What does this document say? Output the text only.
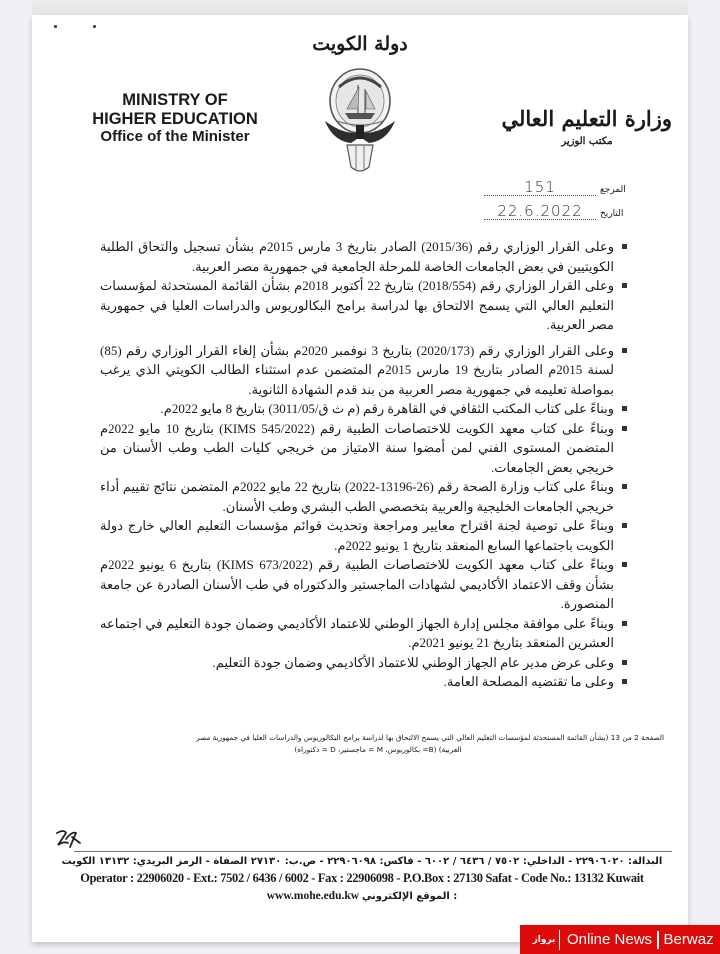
دولة الكويت
MINISTRY OF
HIGHER EDUCATION
Office of the Minister
وزارة التعليم العالي
مكتب الوزير
المرجع
151
التاريخ
22.6.2022
وعلى القرار الوزاري رقم (2015/36) الصادر بتاريخ 3 مارس 2015م بشأن تسجيل والتحاق الطلبة الكويتيين في بعض الجامعات الخاصة للمرحلة الجامعية في جمهورية مصر العربية.
وعلى القرار الوزاري رقم (2018/554) بتاريخ 22 أكتوبر 2018م بشأن القائمة المستحدثة لمؤسسات التعليم العالي التي يسمح الالتحاق بها لدراسة برامج البكالوريوس والدراسات العليا في جمهورية مصر العربية.
وعلى القرار الوزاري رقم (2020/173) بتاريخ 3 نوفمبر 2020م بشأن إلغاء القرار الوزاري رقم (85) لسنة 2015م الصادر بتاريخ 19 مارس 2015م المتضمن عدم استثناء الطالب الكويتي الذي يرغب بمواصلة تعليمه في جمهورية مصر العربية من بند قدم الشهادة الثانوية.
وبناءً على كتاب المكتب الثقافي في القاهرة رقم (م ث ق/3011/05) بتاريخ 8 مايو 2022م.
وبناءً على كتاب معهد الكويت للاختصاصات الطبية رقم (KIMS 545/2022) بتاريخ 10 مايو 2022م المتضمن المستوى الفني لمن أمضوا سنة الامتياز من خريجي كليات الطب وطب الأسنان من خريجي بعض الجامعات.
وبناءً على كتاب وزارة الصحة رقم (26-13196-2022) بتاريخ 22 مايو 2022م المتضمن نتائج تقييم أداء خريجي الجامعات الخليجية والعربية بتخصصي الطب البشري وطب الأسنان.
وبناءً على توصية لجنة اقتراح معايير ومراجعة وتحديث قوائم مؤسسات التعليم العالي خارج دولة الكويت باجتماعها السابع المنعقد بتاريخ 1 يونيو 2022م.
وبناءً على كتاب معهد الكويت للاختصاصات الطبية رقم (KIMS 673/2022) بتاريخ 6 يونيو 2022م بشأن وقف الاعتماد الأكاديمي لشهادات الماجستير والدكتوراه في طب الأسنان الصادرة عن جامعة المنصورة.
وبناءً على موافقة مجلس إدارة الجهاز الوطني للاعتماد الأكاديمي وضمان جودة التعليم في اجتماعه العشرين المنعقد بتاريخ 21 يونيو 2021م.
وعلى عرض مدير عام الجهاز الوطني للاعتماد الأكاديمي وضمان جودة التعليم.
وعلى ما تقتضيه المصلحة العامة.
الصفحة 2 من 13 (بشأن القائمة المستحدثة لمؤسسات التعليم العالي التي يسمح الالتحاق بها لدراسة برامج البكالوريوس والدراسات العليا في جمهورية مصر
العربية) (B= بكالوريوس، M = ماجستير، D = دكتوراه)
البدالة: ٢٢٩٠٦٠٢٠ - الداخلي: ٧٥٠٢ / ٦٤٣٦ / ٦٠٠٢ - فاكس: ٢٢٩٠٦٠٩٨ - ص.ب: ٢٧١٣٠ الصفاة - الرمز البريدي: ١٣١٣٢ الكويت
Operator : 22906020 - Ext.: 7502 / 6436 / 6002 - Fax : 22906098 - P.O.Box : 27130 Safat - Code No.: 13132 Kuwait
www.mohe.edu.kw الموقع الإلكتروني :
برواز Online News Berwaz
